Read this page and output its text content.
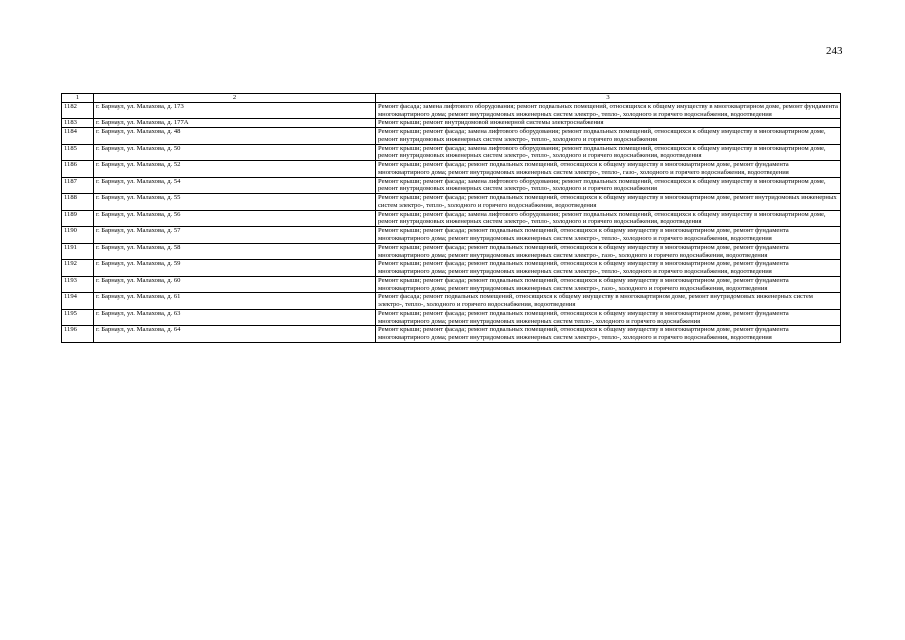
243
1	2	3
1182	г. Барнаул, ул. Малахова, д. 173	Ремонт фасада; замена лифтового оборудования; ремонт подвальных помещений, относящихся к общему имуществу в многоквартирном доме, ремонт фундамента многоквартирного дома; ремонт внутридомовых инженерных систем электро-, тепло-, холодного и горячего водоснабжения, водоотведения
1183	г. Барнаул, ул. Малахова, д. 177А	Ремонт крыши; ремонт внутридомовой инженерной системы электроснабжения
1184	г. Барнаул, ул. Малахова, д. 48	Ремонт крыши; ремонт фасада; замена лифтового оборудования; ремонт подвальных помещений, относящихся к общему имуществу в многоквартирном доме, ремонт внутридомовых инженерных систем электро-, тепло-, холодного и горячего водоснабжения
1185	г. Барнаул, ул. Малахова, д. 50	Ремонт крыши; ремонт фасада; замена лифтового оборудования; ремонт подвальных помещений, относящихся к общему имуществу в многоквартирном доме, ремонт внутридомовых инженерных систем электро-, тепло-, холодного и горячего водоснабжения, водоотведения
1186	г. Барнаул, ул. Малахова, д. 52	Ремонт крыши; ремонт фасада; ремонт подвальных помещений, относящихся к общему имуществу в многоквартирном доме, ремонт фундамента многоквартирного дома; ремонт внутридомовых инженерных систем электро-, тепло-, газо-, холодного и горячего водоснабжения, водоотведения
1187	г. Барнаул, ул. Малахова, д. 54	Ремонт крыши; ремонт фасада; замена лифтового оборудования; ремонт подвальных помещений, относящихся к общему имуществу в многоквартирном доме, ремонт внутридомовых инженерных систем электро-, тепло-, холодного и горячего водоснабжения
1188	г. Барнаул, ул. Малахова, д. 55	Ремонт крыши; ремонт фасада; ремонт подвальных помещений, относящихся к общему имуществу в многоквартирном доме, ремонт внутридомовых инженерных систем электро-, тепло-, холодного и горячего водоснабжения, водоотведения
1189	г. Барнаул, ул. Малахова, д. 56	Ремонт крыши; ремонт фасада; замена лифтового оборудования; ремонт подвальных помещений, относящихся к общему имуществу в многоквартирном доме, ремонт внутридомовых инженерных систем электро-, тепло-, холодного и горячего водоснабжения, водоотведения
1190	г. Барнаул, ул. Малахова, д. 57	Ремонт крыши; ремонт фасада; ремонт подвальных помещений, относящихся к общему имуществу в многоквартирном доме, ремонт фундамента многоквартирного дома; ремонт внутридомовых инженерных систем электро-, тепло-, холодного и горячего водоснабжения, водоотведения
1191	г. Барнаул, ул. Малахова, д. 58	Ремонт крыши; ремонт фасада; ремонт подвальных помещений, относящихся к общему имуществу в многоквартирном доме, ремонт фундамента многоквартирного дома; ремонт внутридомовых инженерных систем электро-, газо-, холодного и горячего водоснабжения, водоотведения
1192	г. Барнаул, ул. Малахова, д. 59	Ремонт крыши; ремонт фасада; ремонт подвальных помещений, относящихся к общему имуществу в многоквартирном доме, ремонт фундамента многоквартирного дома; ремонт внутридомовых инженерных систем электро-, тепло-, холодного и горячего водоснабжения, водоотведения
1193	г. Барнаул, ул. Малахова, д. 60	Ремонт крыши; ремонт фасада; ремонт подвальных помещений, относящихся к общему имуществу в многоквартирном доме, ремонт фундамента многоквартирного дома; ремонт внутридомовых инженерных систем электро-, газо-, холодного и горячего водоснабжения, водоотведения
1194	г. Барнаул, ул. Малахова, д. 61	Ремонт фасада; ремонт подвальных помещений, относящихся к общему имуществу в многоквартирном доме, ремонт внутридомовых инженерных систем электро-, тепло-, холодного и горячего водоснабжения, водоотведения
1195	г. Барнаул, ул. Малахова, д. 63	Ремонт крыши; ремонт фасада; ремонт подвальных помещений, относящихся к общему имуществу в многоквартирном доме, ремонт фундамента многоквартирного дома; ремонт внутридомовых инженерных систем тепло-, холодного и горячего водоснабжения
1196	г. Барнаул, ул. Малахова, д. 64	Ремонт крыши; ремонт фасада; ремонт подвальных помещений, относящихся к общему имуществу в многоквартирном доме, ремонт фундамента многоквартирного дома; ремонт внутридомовых инженерных систем электро-, тепло-, холодного и горячего водоснабжения, водоотведения
